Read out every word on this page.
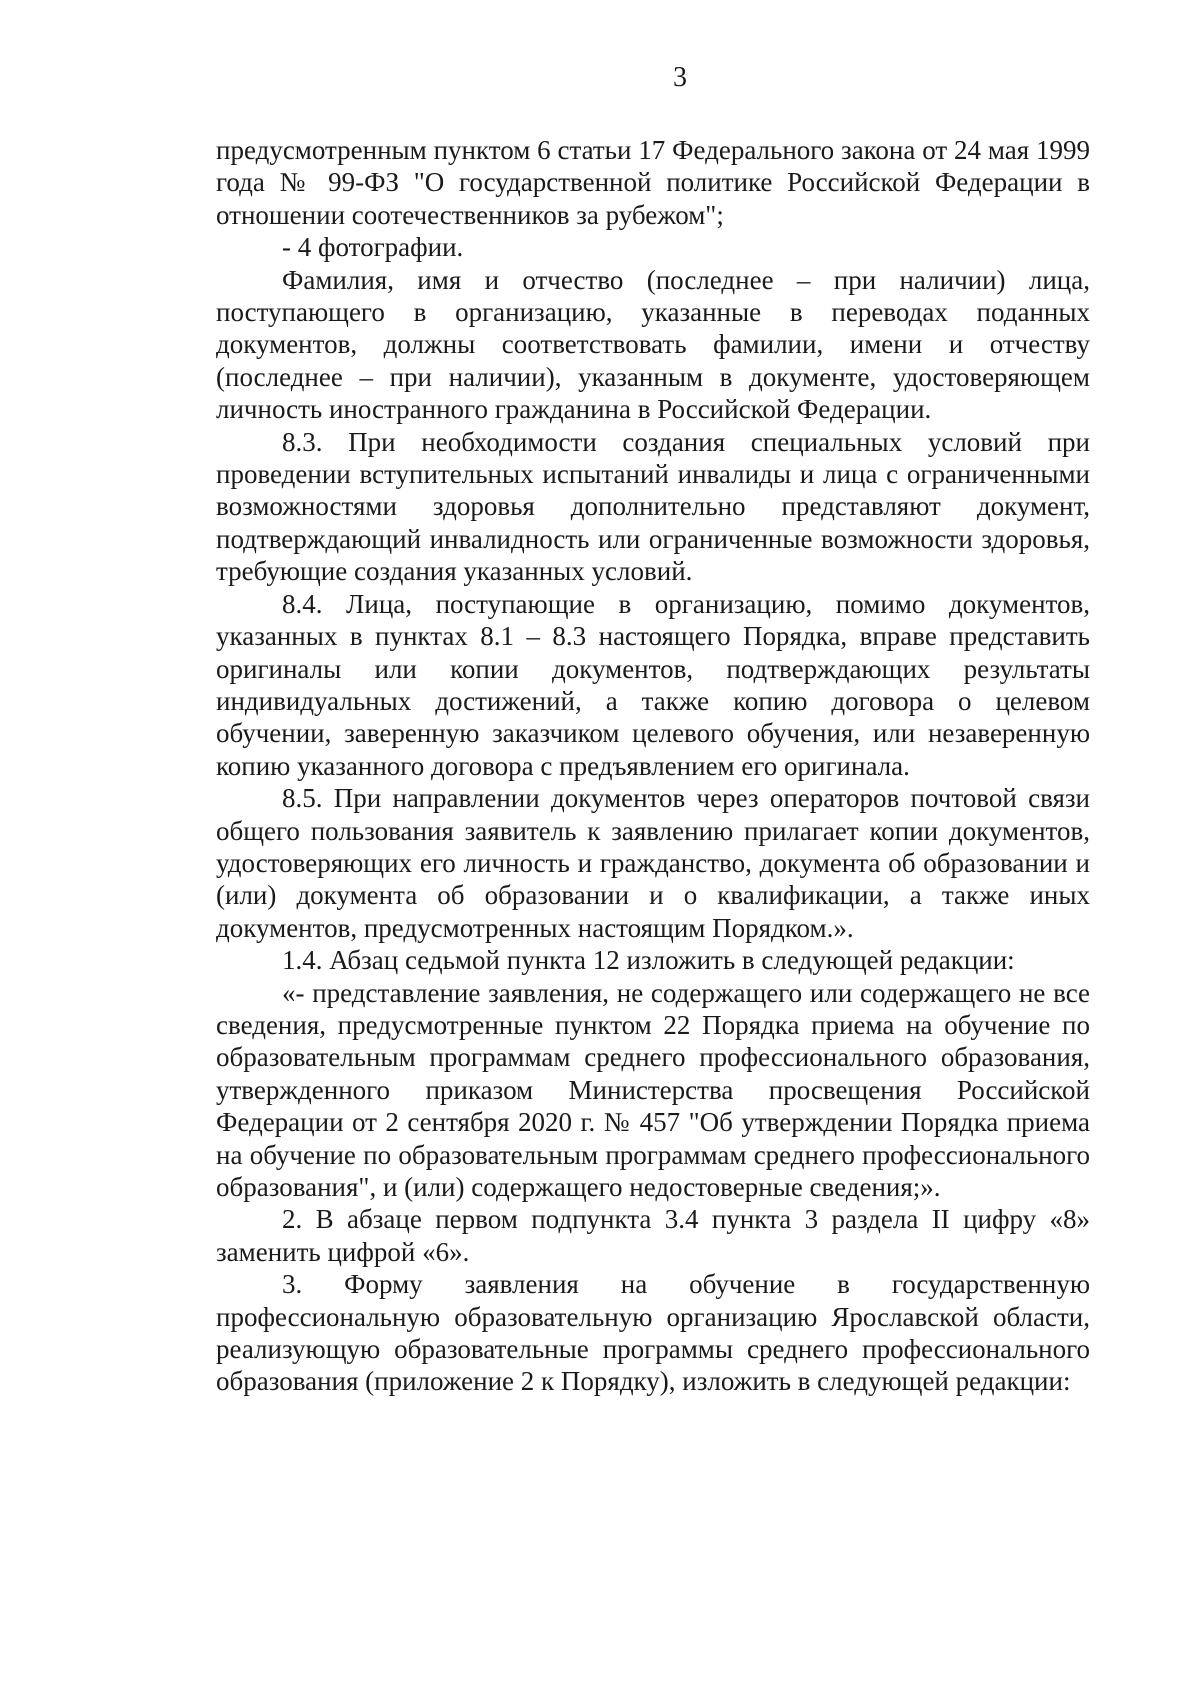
3

предусмотренным пунктом 6 статьи 17 Федерального закона от 24 мая 1999 года № 99-ФЗ "О государственной политике Российской Федерации в отношении соотечественников за рубежом";

- 4 фотографии.

Фамилия, имя и отчество (последнее – при наличии) лица, поступающего в организацию, указанные в переводах поданных документов, должны соответствовать фамилии, имени и отчеству (последнее – при наличии), указанным в документе, удостоверяющем личность иностранного гражданина в Российской Федерации.

8.3. При необходимости создания специальных условий при проведении вступительных испытаний инвалиды и лица с ограниченными возможностями здоровья дополнительно представляют документ, подтверждающий инвалидность или ограниченные возможности здоровья, требующие создания указанных условий.

8.4. Лица, поступающие в организацию, помимо документов, указанных в пунктах 8.1 – 8.3 настоящего Порядка, вправе представить оригиналы или копии документов, подтверждающих результаты индивидуальных достижений, а также копию договора о целевом обучении, заверенную заказчиком целевого обучения, или незаверенную копию указанного договора с предъявлением его оригинала.

8.5. При направлении документов через операторов почтовой связи общего пользования заявитель к заявлению прилагает копии документов, удостоверяющих его личность и гражданство, документа об образовании и (или) документа об образовании и о квалификации, а также иных документов, предусмотренных настоящим Порядком.».

1.4. Абзац седьмой пункта 12 изложить в следующей редакции:

«- представление заявления, не содержащего или содержащего не все сведения, предусмотренные пунктом 22 Порядка приема на обучение по образовательным программам среднего профессионального образования, утвержденного приказом Министерства просвещения Российской Федерации от 2 сентября 2020 г. № 457 "Об утверждении Порядка приема на обучение по образовательным программам среднего профессионального образования", и (или) содержащего недостоверные сведения;».

2. В абзаце первом подпункта 3.4 пункта 3 раздела II цифру «8» заменить цифрой «6».

3. Форму заявления на обучение в государственную профессиональную образовательную организацию Ярославской области, реализующую образовательные программы среднего профессионального образования (приложение 2 к Порядку), изложить в следующей редакции:
